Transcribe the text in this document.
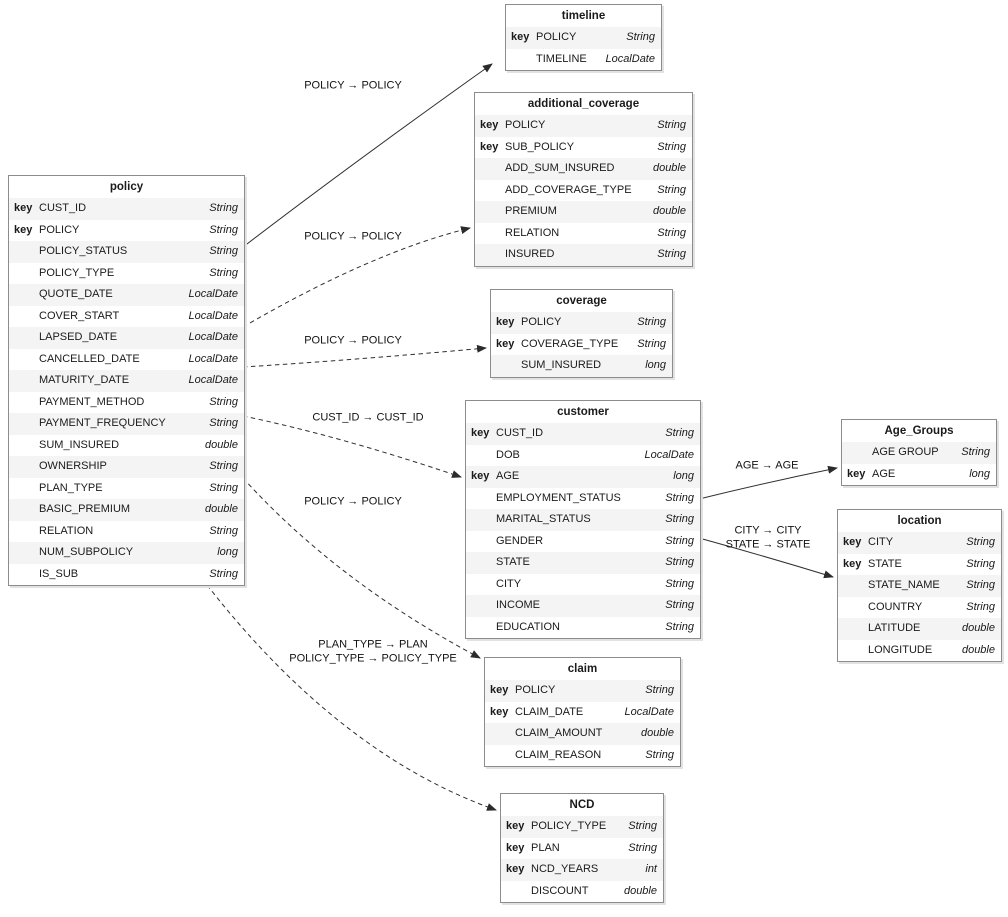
policy
key CUST_ID	String
key POLICY	String
POLICY_STATUS	String
POLICY_TYPE	String
QUOTE_DATE	LocalDate
COVER_START	LocalDate
LAPSED_DATE	LocalDate
CANCELLED_DATE	LocalDate
MATURITY_DATE	LocalDate
PAYMENT_METHOD	String
PAYMENT_FREQUENCY	String
SUM_INSURED	double
OWNERSHIP	String
PLAN_TYPE	String
BASIC_PREMIUM	double
RELATION	String
NUM_SUBPOLICY	long
IS_SUB	String
timeline
key POLICY	String
TIMELINE	LocalDate
additional_coverage
key POLICY	String
key SUB_POLICY	String
ADD_SUM_INSURED	double
ADD_COVERAGE_TYPE	String
PREMIUM	double
RELATION	String
INSURED	String
coverage
key POLICY	String
key COVERAGE_TYPE	String
SUM_INSURED	long
customer
key CUST_ID	String
DOB	LocalDate
key AGE	long
EMPLOYMENT_STATUS	String
MARITAL_STATUS	String
GENDER	String
STATE	String
CITY	String
INCOME	String
EDUCATION	String
Age_Groups
AGE GROUP	String
key AGE	long
location
key CITY	String
key STATE	String
STATE_NAME	String
COUNTRY	String
LATITUDE	double
LONGITUDE	double
claim
key POLICY	String
key CLAIM_DATE	LocalDate
CLAIM_AMOUNT	double
CLAIM_REASON	String
NCD
key POLICY_TYPE	String
key PLAN	String
key NCD_YEARS	int
DISCOUNT	double
POLICY → POLICY
POLICY → POLICY
POLICY → POLICY
CUST_ID → CUST_ID
POLICY → POLICY
PLAN_TYPE → PLAN
POLICY_TYPE → POLICY_TYPE
AGE → AGE
CITY → CITY
STATE → STATE
